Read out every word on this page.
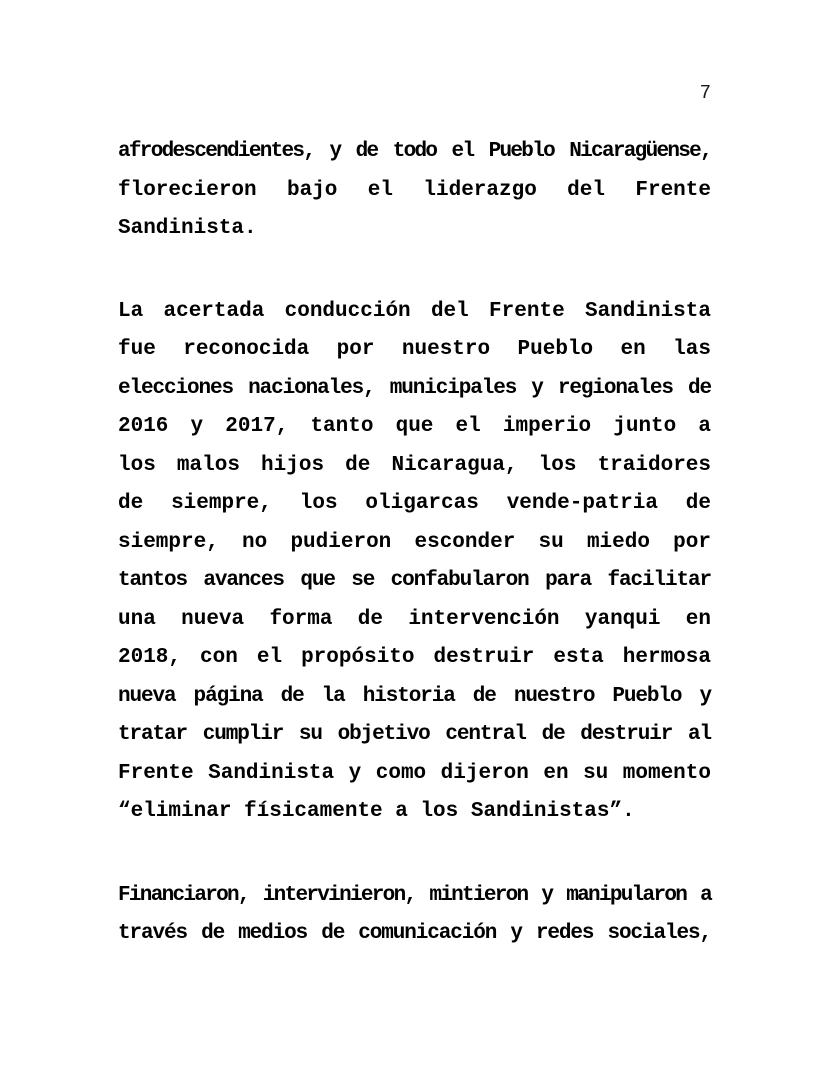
7
afrodescendientes, y de todo el Pueblo Nicaragüense,
florecieron bajo el liderazgo del Frente
Sandinista.
La acertada conducción del Frente Sandinista
fue reconocida por nuestro Pueblo en las
elecciones nacionales, municipales y regionales de
2016 y 2017, tanto que el imperio junto a
los malos hijos de Nicaragua, los traidores
de siempre, los oligarcas vende-patria de
siempre, no pudieron esconder su miedo por
tantos avances que se confabularon para facilitar
una nueva forma de intervención yanqui en
2018, con el propósito destruir esta hermosa
nueva página de la historia de nuestro Pueblo y
tratar cumplir su objetivo central de destruir al
Frente Sandinista y como dijeron en su momento
“eliminar físicamente a los Sandinistas”.
Financiaron, intervinieron, mintieron y manipularon a
través de medios de comunicación y redes sociales,
